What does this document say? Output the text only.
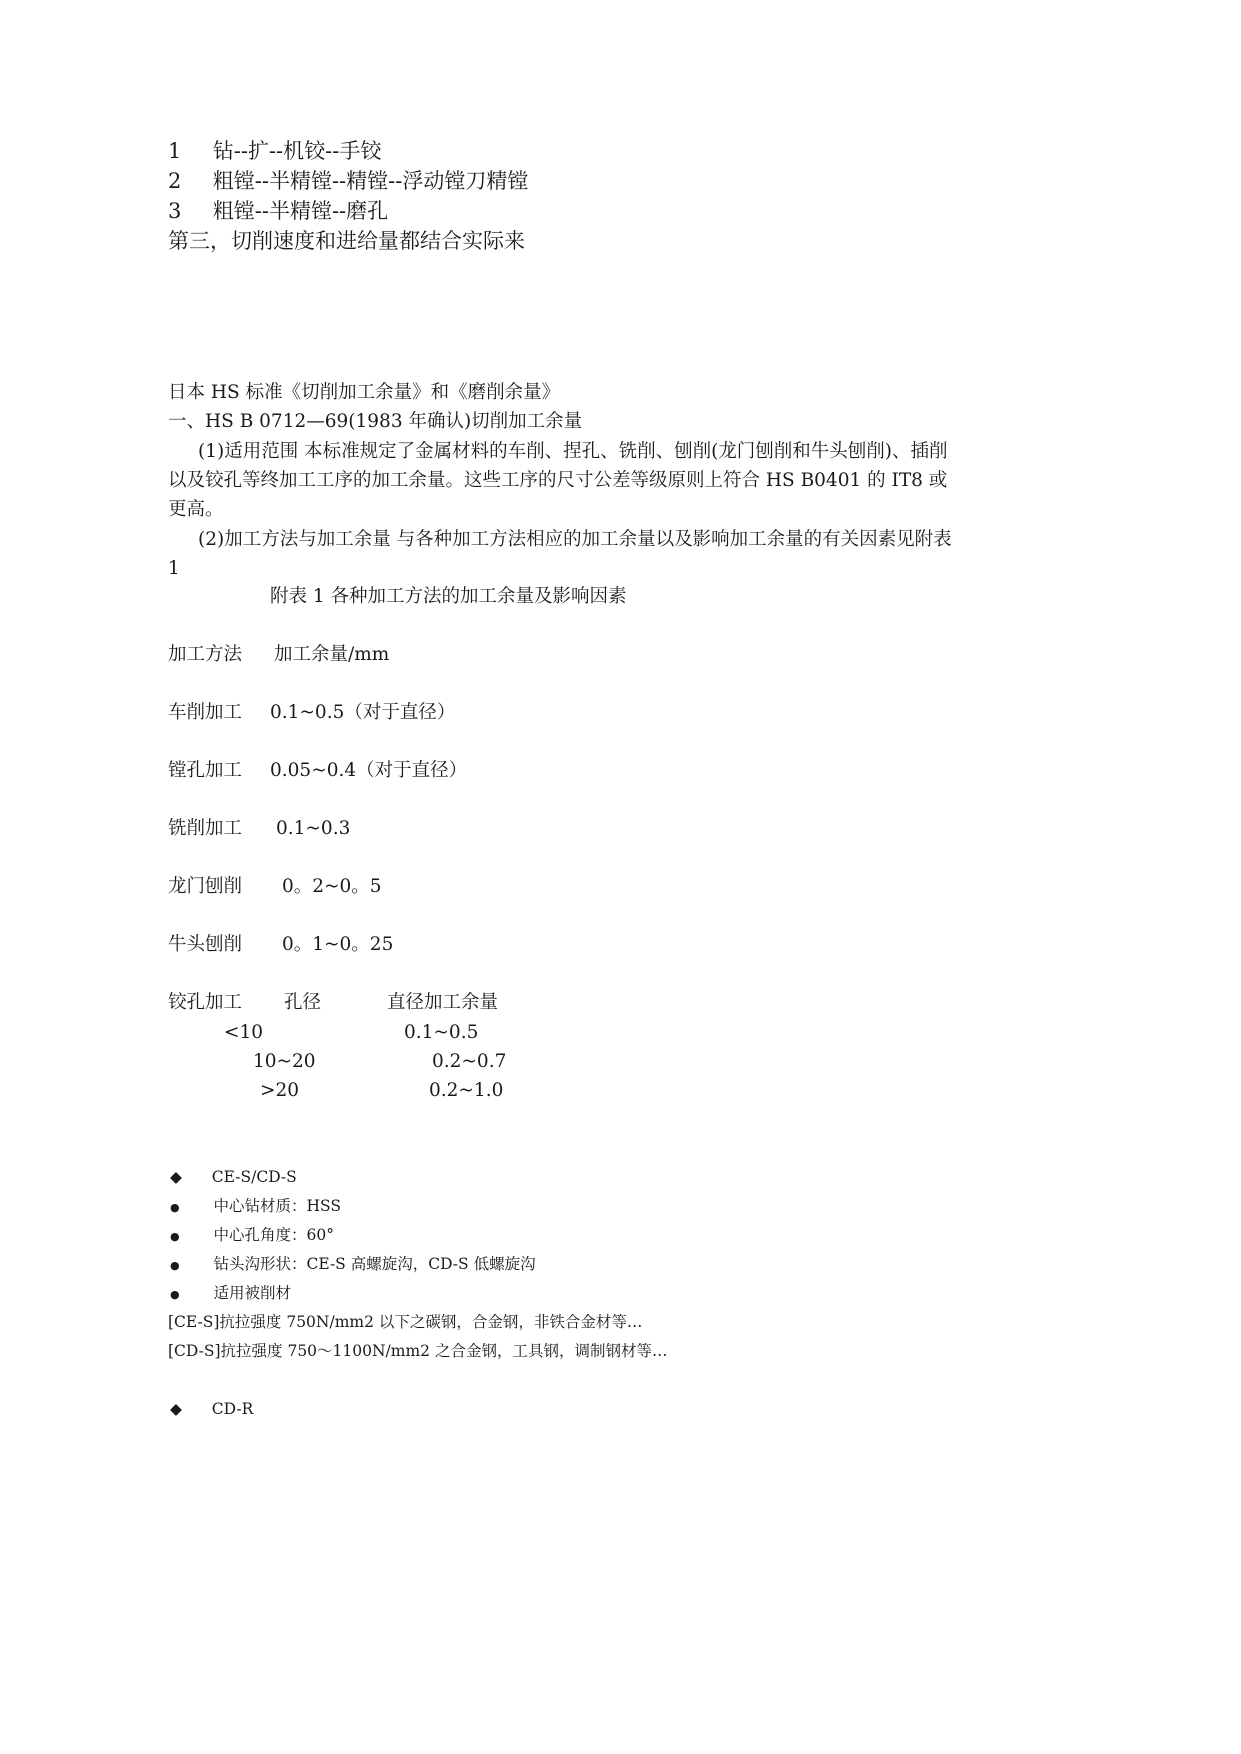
1 钻--扩--机铰--手铰
2 粗镗--半精镗--精镗--浮动镗刀精镗
3 粗镗--半精镗--磨孔
第三，切削速度和进给量都结合实际来
日本 HS 标准《切削加工余量》和《磨削余量》
一、HS B 0712—69(1983 年确认)切削加工余量
(1)适用范围 本标准规定了金属材料的车削、捏孔、铣削、刨削(龙门刨削和牛头刨削)、插削以及铰孔等终加工工序的加工余量。这些工序的尺寸公差等级原则上符合 HS B0401 的 IT8 或更高。
(2)加工方法与加工余量 与各种加工方法相应的加工余量以及影响加工余量的有关因素见附表 1
附表 1 各种加工方法的加工余量及影响因素
加工方法 加工余量/mm
车削加工 0.1~0.5（对于直径）
镗孔加工 0.05~0.4（对于直径）
铣削加工 0.1~0.3
龙门刨削 0。2~0。5
牛头刨削 0。1~0。25
铰孔加工 孔径	直径加工余量
<10	0.1~0.5
10~20	0.2~0.7
>20	0.2~1.0
◆ CE-S/CD-S
● 中心钻材质：HSS
● 中心孔角度：60°
● 钻头沟形状：CE-S 高螺旋沟，CD-S 低螺旋沟
● 适用被削材
[CE-S]抗拉强度 750N/mm2 以下之碳钢，合金钢，非铁合金材等…
[CD-S]抗拉强度 750～1100N/mm2 之合金钢，工具钢，调制钢材等…
◆ CD-R
